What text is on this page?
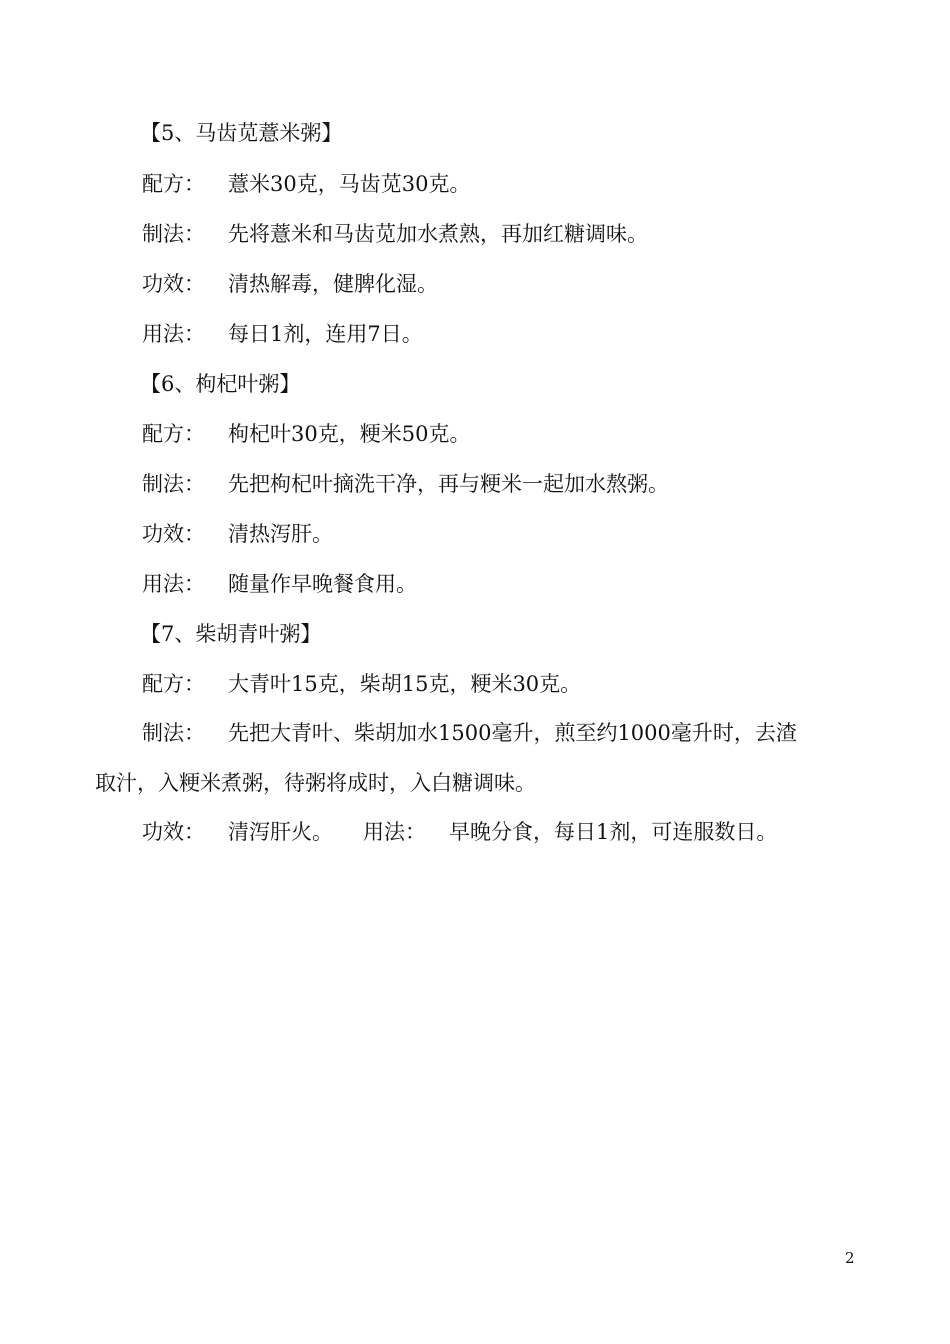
【5、马齿苋薏米粥】
配方： 薏米30克，马齿苋30克。
制法： 先将薏米和马齿苋加水煮熟，再加红糖调味。
功效： 清热解毒，健脾化湿。
用法： 每日1剂，连用7日。
【6、枸杞叶粥】
配方： 枸杞叶30克，粳米50克。
制法： 先把枸杞叶摘洗干净，再与粳米一起加水熬粥。
功效： 清热泻肝。
用法： 随量作早晚餐食用。
【7、柴胡青叶粥】
配方： 大青叶15克，柴胡15克，粳米30克。
制法： 先把大青叶、柴胡加水1500毫升，煎至约1000毫升时，去渣
取汁，入粳米煮粥，待粥将成时，入白糖调味。
功效： 清泻肝火。 用法： 早晚分食，每日1剂，可连服数日。
2
